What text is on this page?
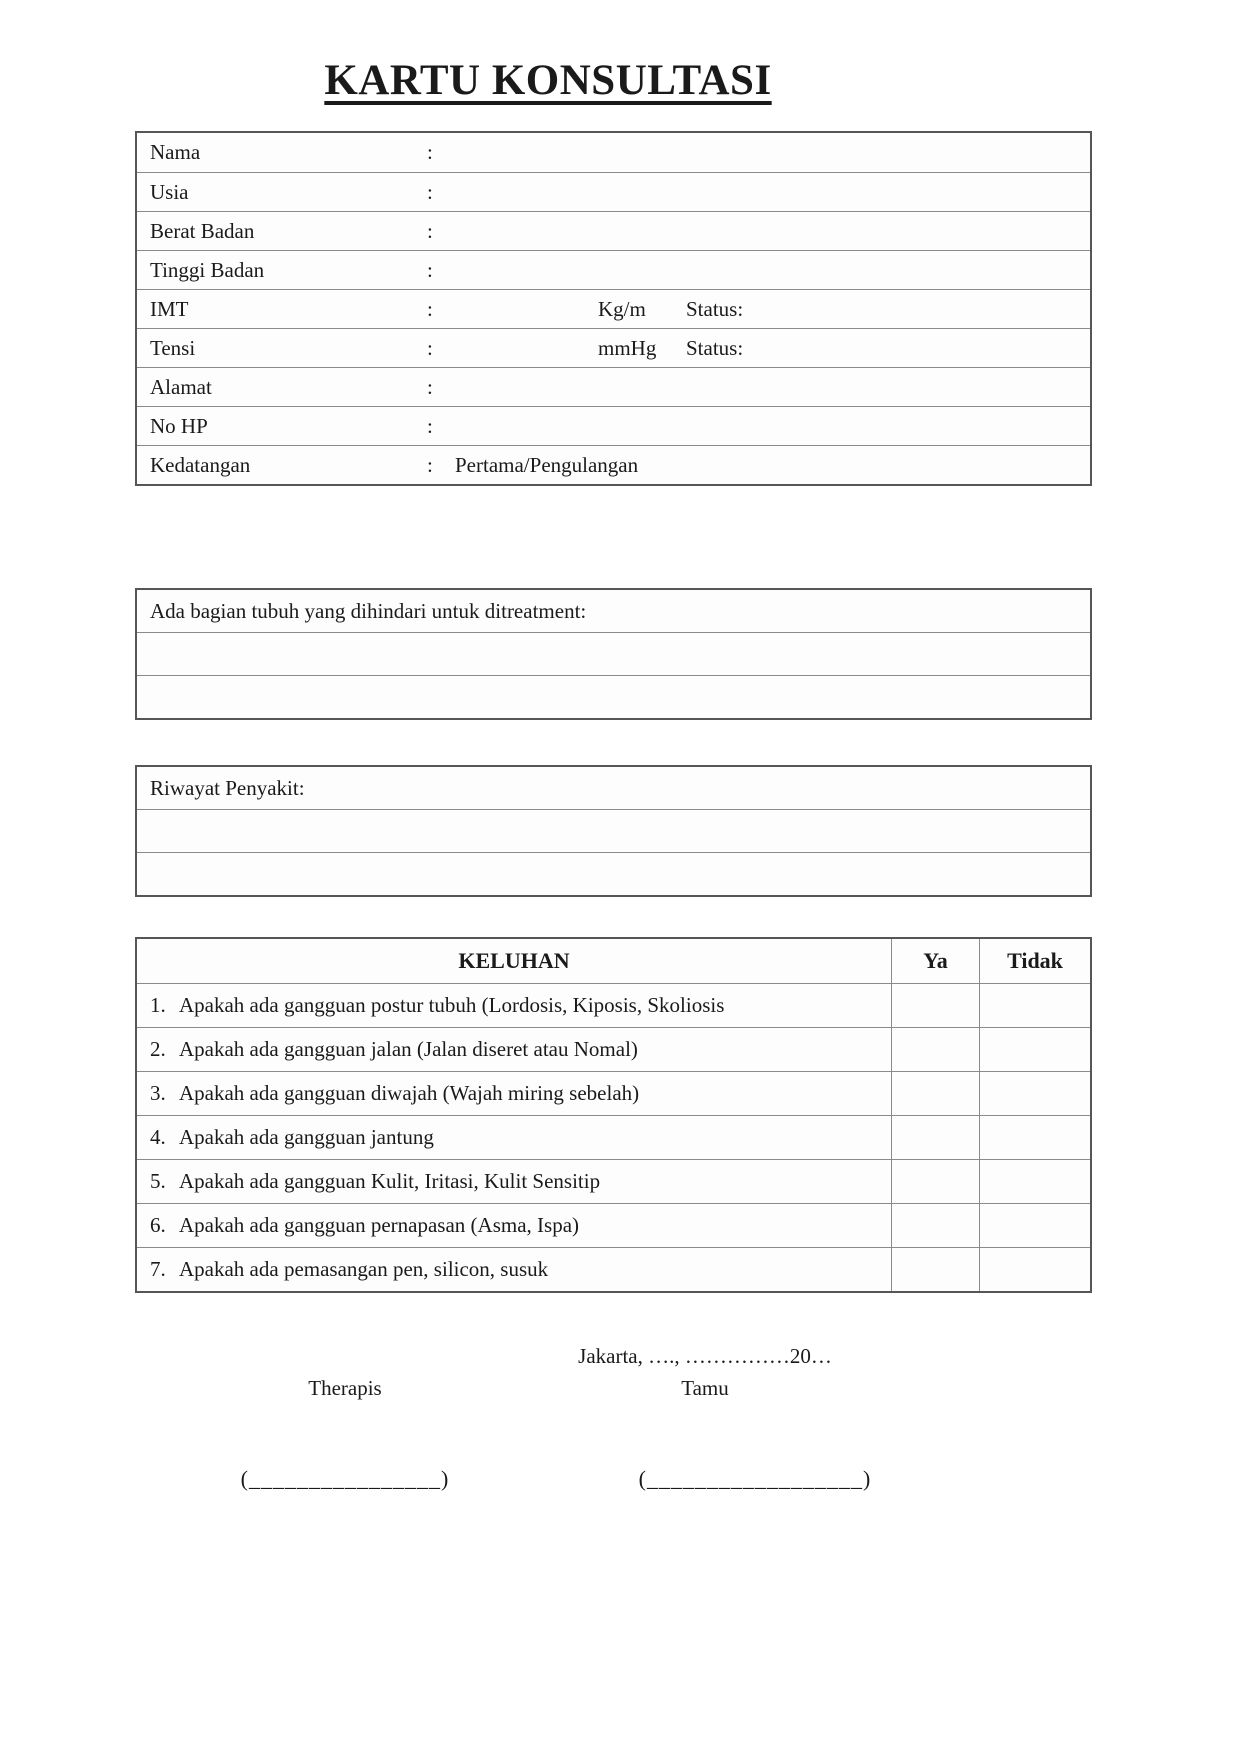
KARTU KONSULTASI
Nama	:
Usia	:
Berat Badan	:
Tinggi Badan	:
IMT	:	Kg/m	Status:
Tensi	:	mmHg	Status:
Alamat	:
No HP	:
Kedatangan	:	Pertama/Pengulangan
Ada bagian tubuh yang dihindari untuk ditreatment:
Riwayat Penyakit:
KELUHAN	Ya	Tidak
1. Apakah ada gangguan postur tubuh (Lordosis, Kiposis, Skoliosis
2. Apakah ada gangguan jalan (Jalan diseret atau Nomal)
3. Apakah ada gangguan diwajah (Wajah miring sebelah)
4. Apakah ada gangguan jantung
5. Apakah ada gangguan Kulit, Iritasi, Kulit Sensitip
6. Apakah ada gangguan pernapasan (Asma, Ispa)
7. Apakah ada pemasangan pen, silicon, susuk
Jakarta, …., ……………20…
Therapis	Tamu
(________________)	(__________________)
